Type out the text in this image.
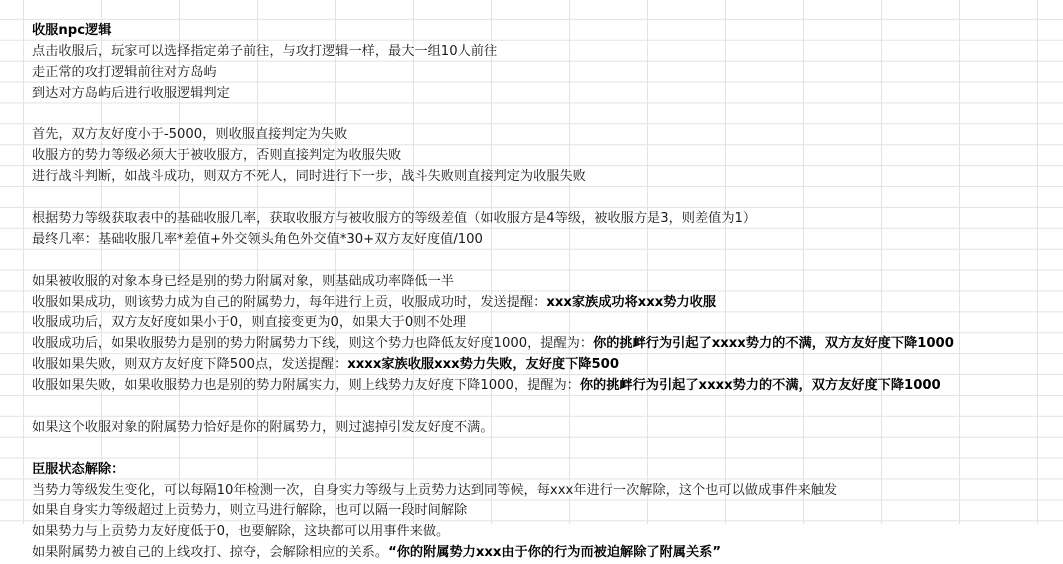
收服npc逻辑
点击收服后，玩家可以选择指定弟子前往，与攻打逻辑一样，最大一组10人前往
走正常的攻打逻辑前往对方岛屿
到达对方岛屿后进行收服逻辑判定
首先，双方友好度小于-5000，则收服直接判定为失败
收服方的势力等级必须大于被收服方，否则直接判定为收服失败
进行战斗判断，如战斗成功，则双方不死人，同时进行下一步，战斗失败则直接判定为收服失败
根据势力等级获取表中的基础收服几率，获取收服方与被收服方的等级差值（如收服方是4等级，被收服方是3，则差值为1）
最终几率：基础收服几率*差值+外交领头角色外交值*30+双方友好度值/100
如果被收服的对象本身已经是别的势力附属对象，则基础成功率降低一半
收服如果成功，则该势力成为自己的附属势力，每年进行上贡，收服成功时，发送提醒：xxx家族成功将xxx势力收服
收服成功后，双方友好度如果小于0，则直接变更为0，如果大于0则不处理
收服成功后，如果收服势力是别的势力附属势力下线，则这个势力也降低友好度1000，提醒为：你的挑衅行为引起了xxxx势力的不满，双方友好度下降1000
收服如果失败，则双方友好度下降500点，发送提醒：xxxx家族收服xxx势力失败，友好度下降500
收服如果失败，如果收服势力也是别的势力附属实力，则上线势力友好度下降1000，提醒为：你的挑衅行为引起了xxxx势力的不满，双方友好度下降1000
如果这个收服对象的附属势力恰好是你的附属势力，则过滤掉引发友好度不满。
臣服状态解除：
当势力等级发生变化，可以每隔10年检测一次，自身实力等级与上贡势力达到同等候，每xxx年进行一次解除，这个也可以做成事件来触发
如果自身实力等级超过上贡势力，则立马进行解除，也可以隔一段时间解除
如果势力与上贡势力友好度低于0，也要解除，这块都可以用事件来做。
如果附属势力被自己的上线攻打、掠夺，会解除相应的关系。“你的附属势力xxx由于你的行为而被迫解除了附属关系”
